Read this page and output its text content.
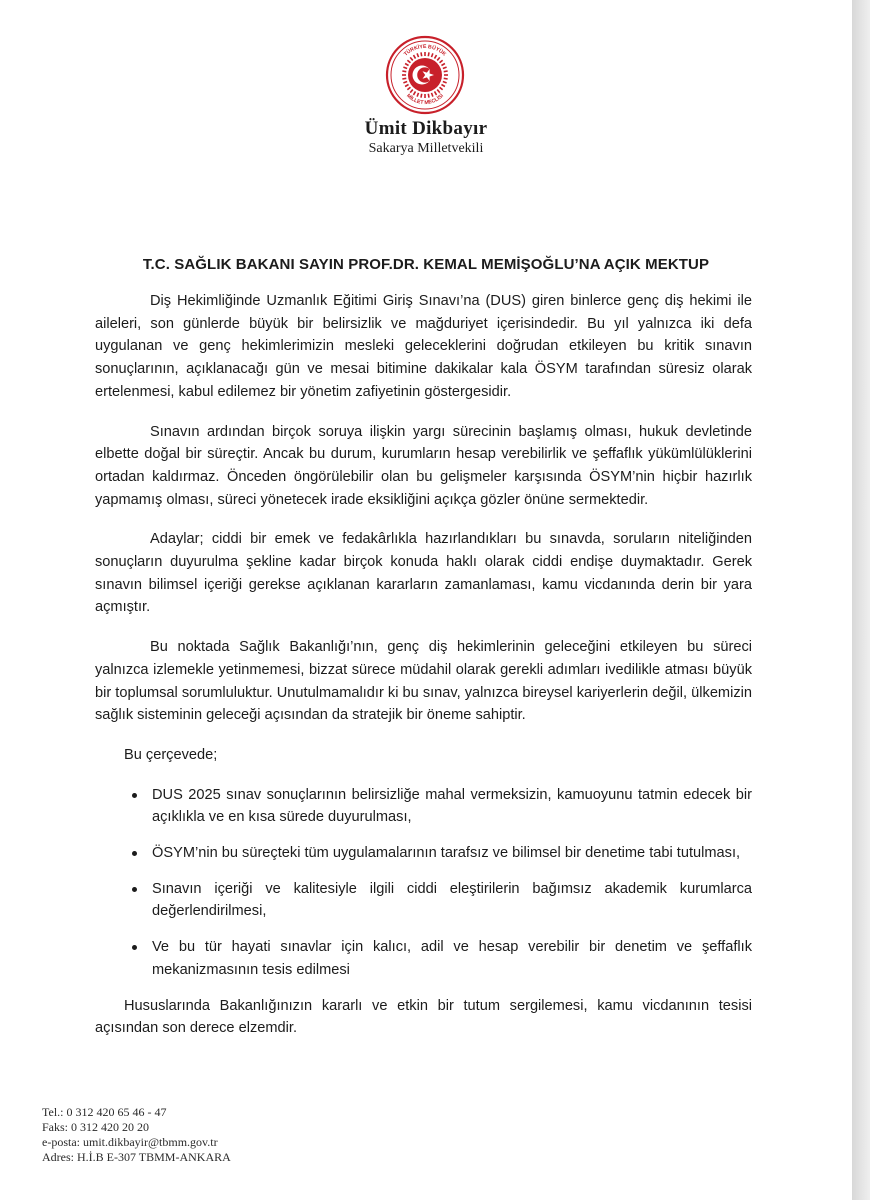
TÜRKİYE BÜYÜK
MİLLET MECLİSİ
Ümit Dikbayır
Sakarya Milletvekili
T.C. SAĞLIK BAKANI SAYIN PROF.DR. KEMAL MEMİŞOĞLU’NA AÇIK MEKTUP

Diş Hekimliğinde Uzmanlık Eğitimi Giriş Sınavı’na (DUS) giren binlerce genç diş hekimi ile aileleri, son günlerde büyük bir belirsizlik ve mağduriyet içerisindedir. Bu yıl yalnızca iki defa uygulanan ve genç hekimlerimizin mesleki geleceklerini doğrudan etkileyen bu kritik sınavın sonuçlarının, açıklanacağı gün ve mesai bitimine dakikalar kala ÖSYM tarafından süresiz olarak ertelenmesi, kabul edilemez bir yönetim zafiyetinin göstergesidir.

Sınavın ardından birçok soruya ilişkin yargı sürecinin başlamış olması, hukuk devletinde elbette doğal bir süreçtir. Ancak bu durum, kurumların hesap verebilirlik ve şeffaflık yükümlülüklerini ortadan kaldırmaz. Önceden öngörülebilir olan bu gelişmeler karşısında ÖSYM’nin hiçbir hazırlık yapmamış olması, süreci yönetecek irade eksikliğini açıkça gözler önüne sermektedir.

Adaylar; ciddi bir emek ve fedakârlıkla hazırlandıkları bu sınavda, soruların niteliğinden sonuçların duyurulma şekline kadar birçok konuda haklı olarak ciddi endişe duymaktadır. Gerek sınavın bilimsel içeriği gerekse açıklanan kararların zamanlaması, kamu vicdanında derin bir yara açmıştır.

Bu noktada Sağlık Bakanlığı’nın, genç diş hekimlerinin geleceğini etkileyen bu süreci yalnızca izlemekle yetinmemesi, bizzat sürece müdahil olarak gerekli adımları ivedilikle atması büyük bir toplumsal sorumluluktur. Unutulmamalıdır ki bu sınav, yalnızca bireysel kariyerlerin değil, ülkemizin sağlık sisteminin geleceği açısından da stratejik bir öneme sahiptir.

Bu çerçevede;

DUS 2025 sınav sonuçlarının belirsizliğe mahal vermeksizin, kamuoyunu tatmin edecek bir açıklıkla ve en kısa sürede duyurulması,
ÖSYM’nin bu süreçteki tüm uygulamalarının tarafsız ve bilimsel bir denetime tabi tutulması,
Sınavın içeriği ve kalitesiyle ilgili ciddi eleştirilerin bağımsız akademik kurumlarca değerlendirilmesi,
Ve bu tür hayati sınavlar için kalıcı, adil ve hesap verebilir bir denetim ve şeffaflık mekanizmasının tesis edilmesi

Hususlarında Bakanlığınızın kararlı ve etkin bir tutum sergilemesi, kamu vicdanının tesisi açısından son derece elzemdir.

Tel.: 0 312 420 65 46 - 47
Faks: 0 312 420 20 20
e-posta: umit.dikbayir@tbmm.gov.tr
Adres: H.İ.B E-307 TBMM-ANKARA
